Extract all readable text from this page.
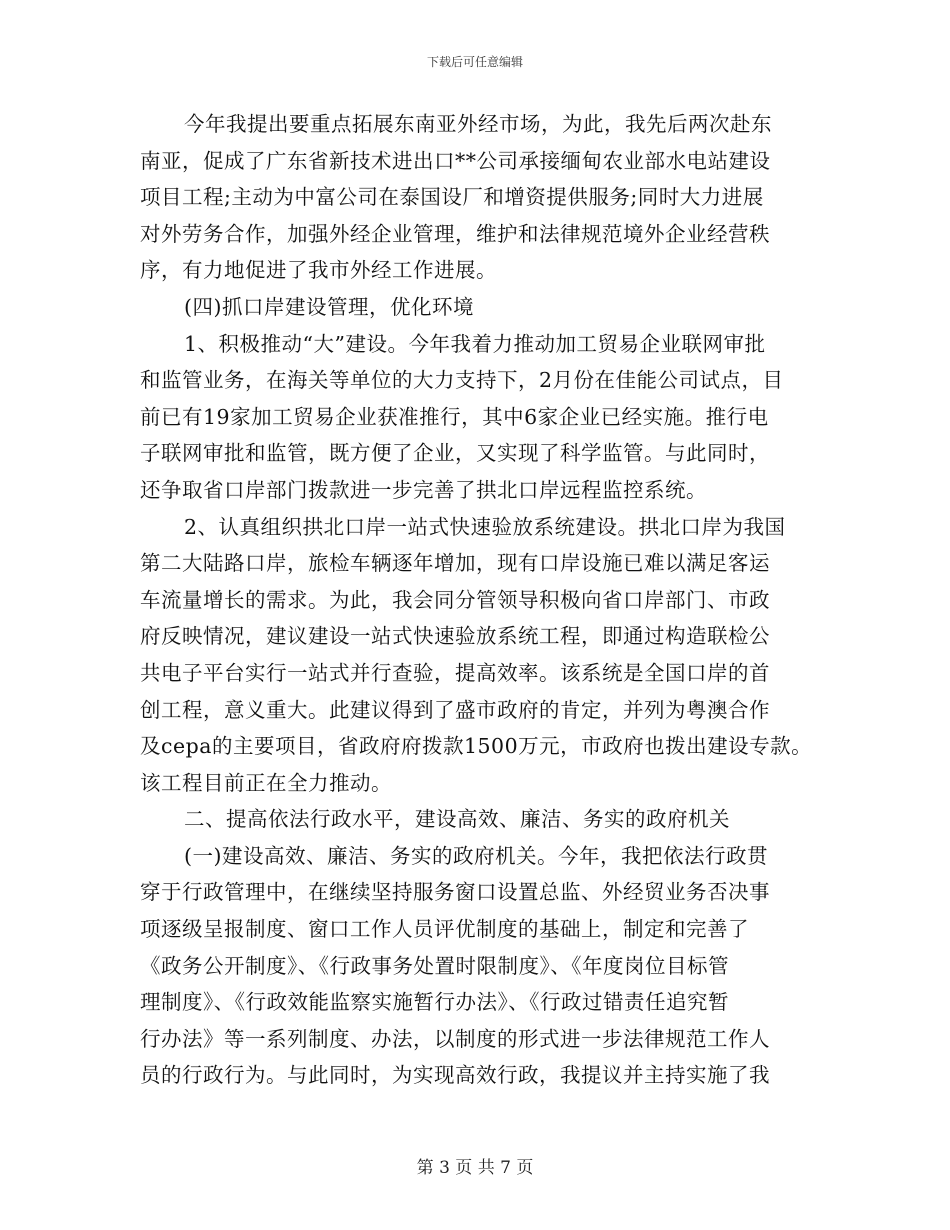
下载后可任意编辑
今年我提出要重点拓展东南亚外经市场，为此，我先后两次赴东
南亚，促成了广东省新技术进出口**公司承接缅甸农业部水电站建设
项目工程;主动为中富公司在泰国设厂和增资提供服务;同时大力进展
对外劳务合作，加强外经企业管理，维护和法律规范境外企业经营秩
序，有力地促进了我市外经工作进展。
(四)抓口岸建设管理，优化环境
1、积极推动“大”建设。今年我着力推动加工贸易企业联网审批
和监管业务，在海关等单位的大力支持下，2月份在佳能公司试点，目
前已有19家加工贸易企业获准推行，其中6家企业已经实施。推行电
子联网审批和监管，既方便了企业，又实现了科学监管。与此同时，
还争取省口岸部门拨款进一步完善了拱北口岸远程监控系统。
2、认真组织拱北口岸一站式快速验放系统建设。拱北口岸为我国
第二大陆路口岸，旅检车辆逐年增加，现有口岸设施已难以满足客运
车流量增长的需求。为此，我会同分管领导积极向省口岸部门、市政
府反映情况，建议建设一站式快速验放系统工程，即通过构造联检公
共电子平台实行一站式并行查验，提高效率。该系统是全国口岸的首
创工程，意义重大。此建议得到了盛市政府的肯定，并列为粤澳合作
及cepa的主要项目，省政府府拨款1500万元，市政府也拨出建设专款。
该工程目前正在全力推动。
二、提高依法行政水平，建设高效、廉洁、务实的政府机关
(一)建设高效、廉洁、务实的政府机关。今年，我把依法行政贯
穿于行政管理中，在继续坚持服务窗口设置总监、外经贸业务否决事
项逐级呈报制度、窗口工作人员评优制度的基础上，制定和完善了
《政务公开制度》、《行政事务处置时限制度》、《年度岗位目标管
理制度》、《行政效能监察实施暂行办法》、《行政过错责任追究暂
行办法》等一系列制度、办法，以制度的形式进一步法律规范工作人
员的行政行为。与此同时，为实现高效行政，我提议并主持实施了我
第 3 页 共 7 页
